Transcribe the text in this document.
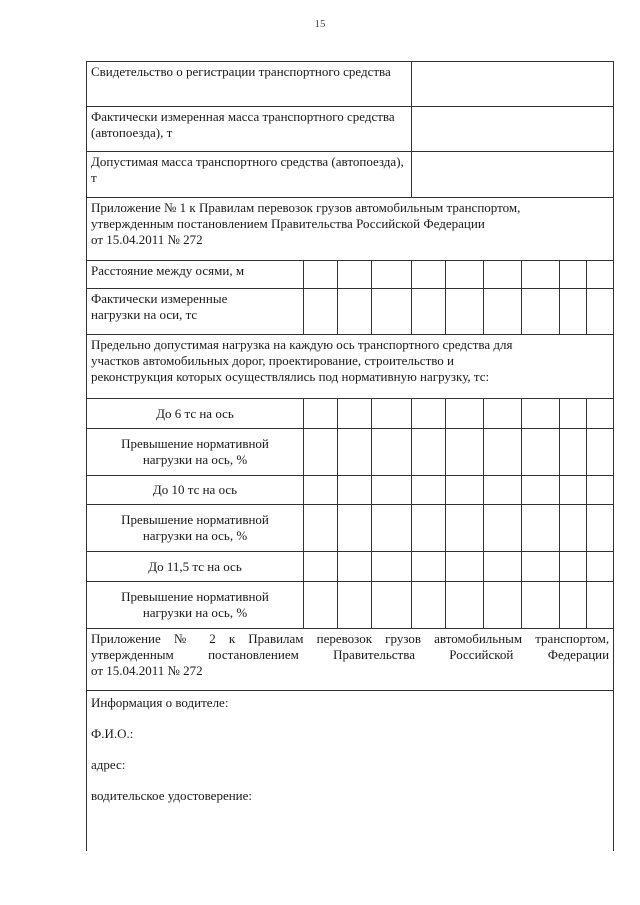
15
Свидетельство о регистрации транспортного средства									
Фактически измеренная масса транспортного средства (автопоезда), т									
Допустимая масса транспортного средства (автопоезда), т									

Приложение № 1 к Правилам перевозок грузов автомобильным транспортом,
утвержденным постановлением Правительства Российской Федерации
от 15.04.2011 № 272									

Расстояние между осями, м									

Фактически измеренные
нагрузки на оси, тс									

Предельно допустимая нагрузка на каждую ось транспортного средства для
участков автомобильных дорог, проектирование, строительство и
реконструкция которых осуществлялись под нормативную нагрузку, тс:									

До 6 тс на ось									

Превышение нормативной
нагрузки на ось, %									

До 10 тс на ось									

Превышение нормативной
нагрузки на ось, %									

До 11,5 тс на ось									

Превышение нормативной
нагрузки на ось, %									

Приложение № 2 к Правилам перевозок грузов автомобильным транспортом,
утвержденным постановлением Правительства Российской Федерации
от 15.04.2011 № 272									

Информация о водителе:
Ф.И.О.:
адрес:
водительское удостоверение:									
